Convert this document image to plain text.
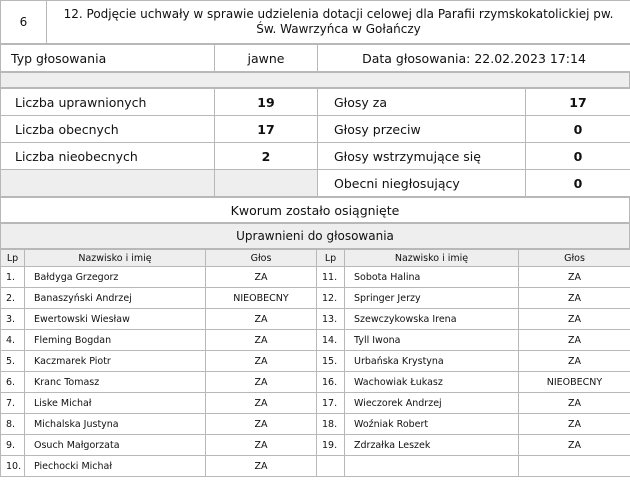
6	12. Podjęcie uchwały w sprawie udzielenia dotacji celowej dla Parafii rzymskokatolickiej pw. Św. Wawrzyńca w Gołańczy
Typ głosowania	jawne	Data głosowania: 22.02.2023 17:14
Liczba uprawnionych	19	Głosy za	17
Liczba obecnych	17	Głosy przeciw	0
Liczba nieobecnych	2	Głosy wstrzymujące się	0
		Obecni niegłosujący	0
Kworum zostało osiągnięte
Uprawnieni do głosowania
Lp	Nazwisko i imię	Głos	Lp	Nazwisko i imię	Głos
1.	Bałdyga Grzegorz	ZA	11.	Sobota Halina	ZA
2.	Banaszyński Andrzej	NIEOBECNY	12.	Springer Jerzy	ZA
3.	Ewertowski Wiesław	ZA	13.	Szewczykowska Irena	ZA
4.	Fleming Bogdan	ZA	14.	Tyll Iwona	ZA
5.	Kaczmarek Piotr	ZA	15.	Urbańska Krystyna	ZA
6.	Kranc Tomasz	ZA	16.	Wachowiak Łukasz	NIEOBECNY
7.	Liske Michał	ZA	17.	Wieczorek Andrzej	ZA
8.	Michalska Justyna	ZA	18.	Woźniak Robert	ZA
9.	Osuch Małgorzata	ZA	19.	Zdrzałka Leszek	ZA
10.	Piechocki Michał	ZA			
